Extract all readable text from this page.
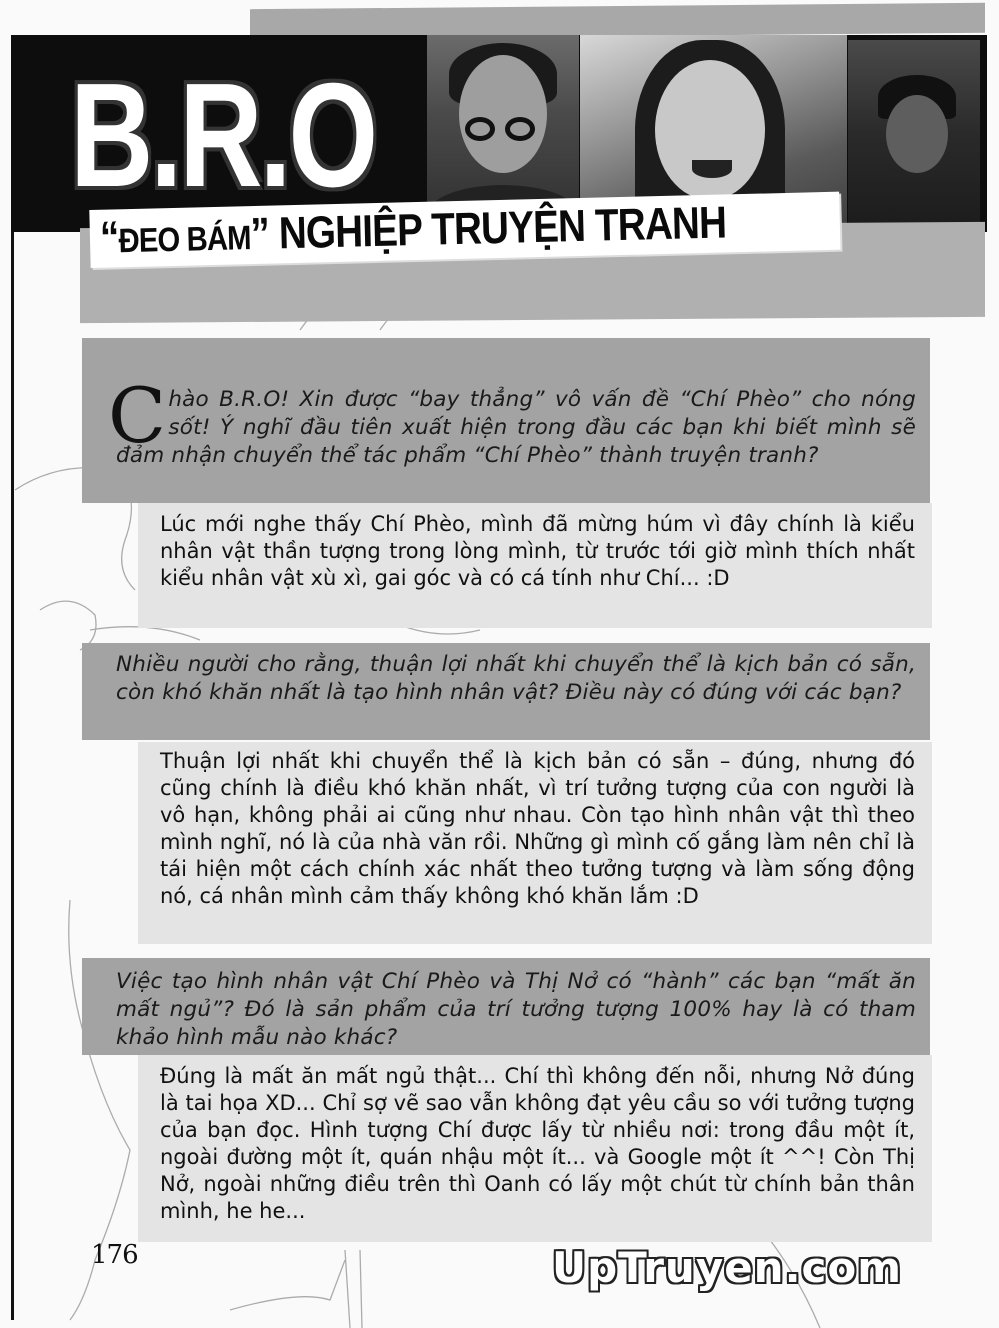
B.R.O
“ĐEO BÁM” NGHIỆP TRUYỆN TRANH
Chào B.R.O! Xin được “bay thẳng” vô vấn đề “Chí Phèo” cho nóng sốt! Ý nghĩ đầu tiên xuất hiện trong đầu các bạn khi biết mình sẽ đảm nhận chuyển thể tác phẩm “Chí Phèo” thành truyện tranh?
Lúc mới nghe thấy Chí Phèo, mình đã mừng húm vì đây chính là kiểu nhân vật thần tượng trong lòng mình, từ trước tới giờ mình thích nhất kiểu nhân vật xù xì, gai góc và có cá tính như Chí... :D
Nhiều người cho rằng, thuận lợi nhất khi chuyển thể là kịch bản có sẵn, còn khó khăn nhất là tạo hình nhân vật? Điều này có đúng với các bạn?
Thuận lợi nhất khi chuyển thể là kịch bản có sẵn – đúng, nhưng đó cũng chính là điều khó khăn nhất, vì trí tưởng tượng của con người là vô hạn, không phải ai cũng như nhau. Còn tạo hình nhân vật thì theo mình nghĩ, nó là của nhà văn rồi. Những gì mình cố gắng làm nên chỉ là tái hiện một cách chính xác nhất theo tưởng tượng và làm sống động nó, cá nhân mình cảm thấy không khó khăn lắm :D
Việc tạo hình nhân vật Chí Phèo và Thị Nở có “hành” các bạn “mất ăn mất ngủ”? Đó là sản phẩm của trí tưởng tượng 100% hay là có tham khảo hình mẫu nào khác?
Đúng là mất ăn mất ngủ thật... Chí thì không đến nỗi, nhưng Nở đúng là tai họa XD... Chỉ sợ vẽ sao vẫn không đạt yêu cầu so với tưởng tượng của bạn đọc. Hình tượng Chí được lấy từ nhiều nơi: trong đầu một ít, ngoài đường một ít, quán nhậu một ít... và Google một ít ^^! Còn Thị Nở, ngoài những điều trên thì Oanh có lấy một chút từ chính bản thân mình, he he...
176	UpTruyen.com
